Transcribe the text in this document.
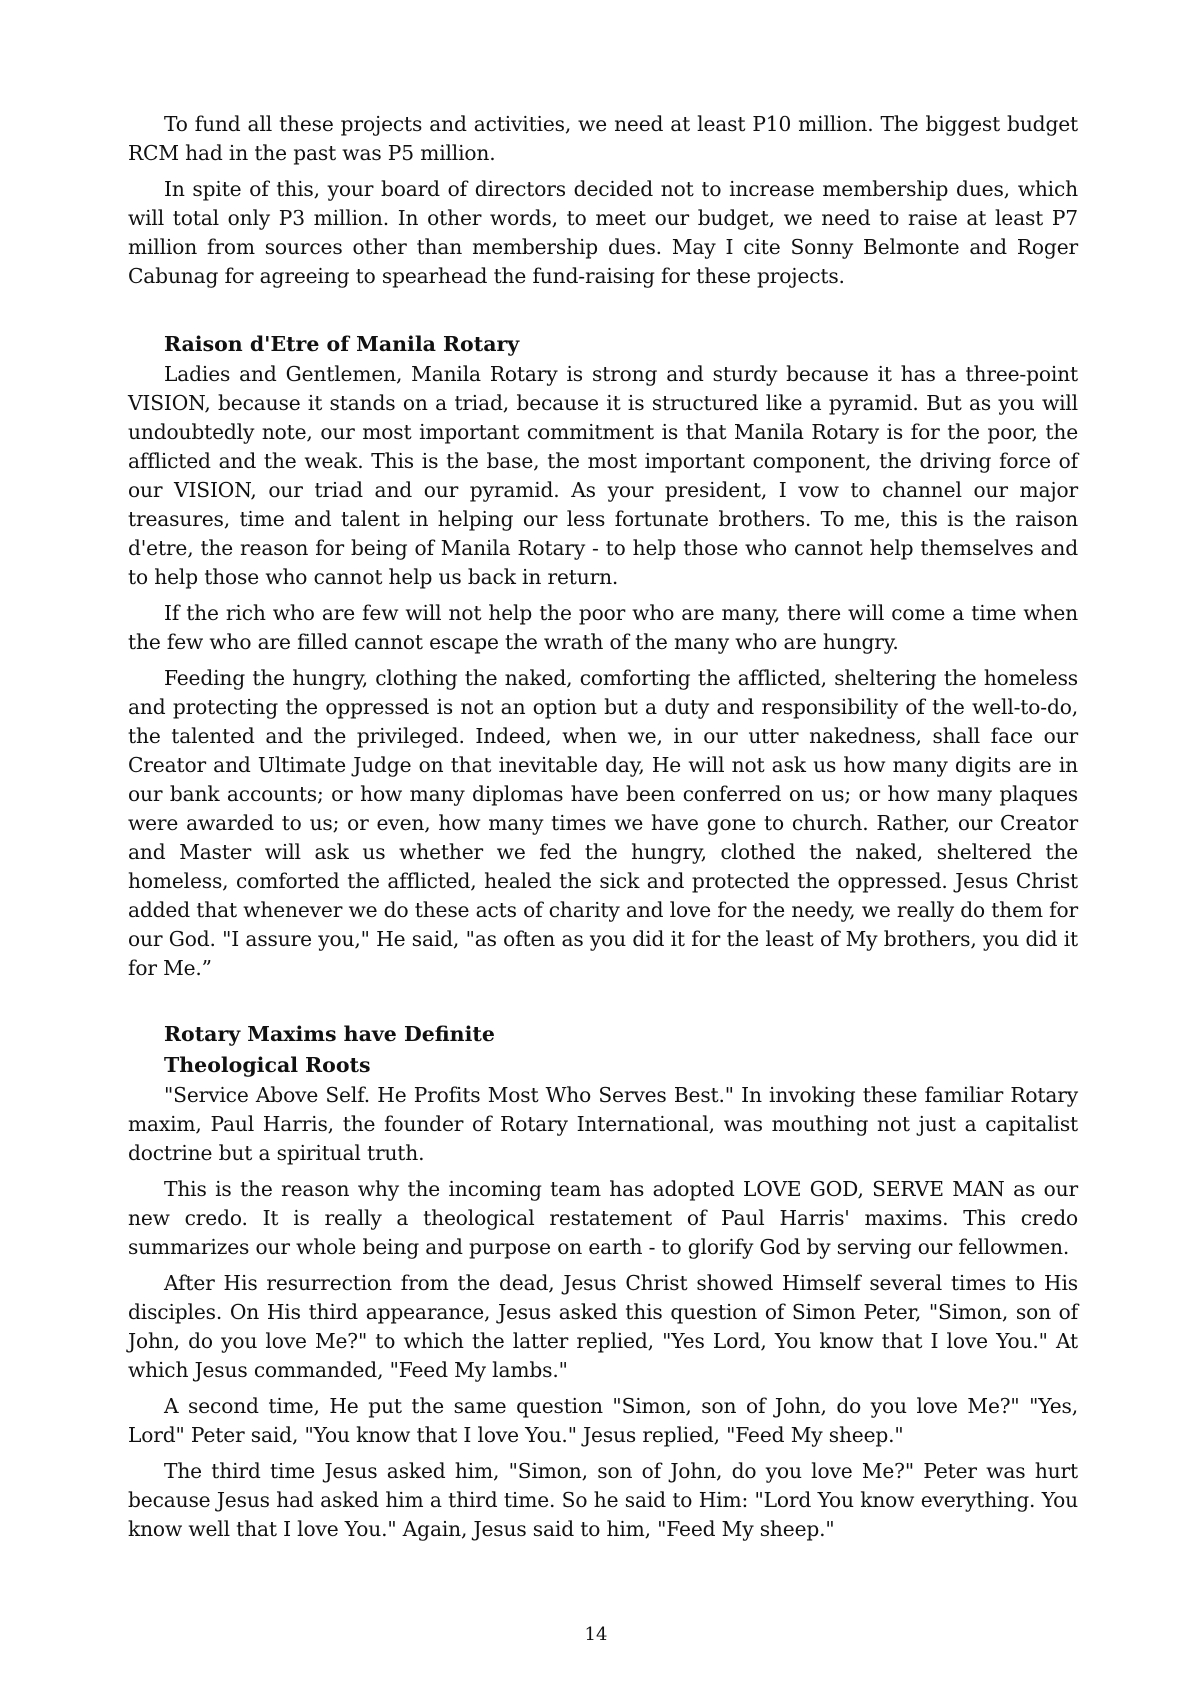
To fund all these projects and activities, we need at least P10 million. The biggest budget RCM had in the past was P5 million.

In spite of this, your board of directors decided not to increase membership dues, which will total only P3 million. In other words, to meet our budget, we need to raise at least P7 million from sources other than membership dues. May I cite Sonny Belmonte and Roger Cabunag for agreeing to spearhead the fund-raising for these projects.

Raison d'Etre of Manila Rotary

Ladies and Gentlemen, Manila Rotary is strong and sturdy because it has a three-point VISION, because it stands on a triad, because it is structured like a pyramid. But as you will undoubtedly note, our most important commitment is that Manila Rotary is for the poor, the afflicted and the weak. This is the base, the most important component, the driving force of our VISION, our triad and our pyramid. As your president, I vow to channel our major treasures, time and talent in helping our less fortunate brothers. To me, this is the raison d'etre, the reason for being of Manila Rotary - to help those who cannot help themselves and to help those who cannot help us back in return.

If the rich who are few will not help the poor who are many, there will come a time when the few who are filled cannot escape the wrath of the many who are hungry.

Feeding the hungry, clothing the naked, comforting the afflicted, sheltering the homeless and protecting the oppressed is not an option but a duty and responsibility of the well-to-do, the talented and the privileged. Indeed, when we, in our utter nakedness, shall face our Creator and Ultimate Judge on that inevitable day, He will not ask us how many digits are in our bank accounts; or how many diplomas have been conferred on us; or how many plaques were awarded to us; or even, how many times we have gone to church. Rather, our Creator and Master will ask us whether we fed the hungry, clothed the naked, sheltered the homeless, comforted the afflicted, healed the sick and protected the oppressed. Jesus Christ added that whenever we do these acts of charity and love for the needy, we really do them for our God. "I assure you," He said, "as often as you did it for the least of My brothers, you did it for Me.”

Rotary Maxims have Definite
Theological Roots

"Service Above Self. He Profits Most Who Serves Best." In invoking these familiar Rotary maxim, Paul Harris, the founder of Rotary International, was mouthing not just a capitalist doctrine but a spiritual truth.

This is the reason why the incoming team has adopted LOVE GOD, SERVE MAN as our new credo. It is really a theological restatement of Paul Harris' maxims. This credo summarizes our whole being and purpose on earth - to glorify God by serving our fellowmen.

After His resurrection from the dead, Jesus Christ showed Himself several times to His disciples. On His third appearance, Jesus asked this question of Simon Peter, "Simon, son of John, do you love Me?" to which the latter replied, "Yes Lord, You know that I love You." At which Jesus commanded, "Feed My lambs."

A second time, He put the same question "Simon, son of John, do you love Me?" "Yes, Lord" Peter said, "You know that I love You." Jesus replied, "Feed My sheep."

The third time Jesus asked him, "Simon, son of John, do you love Me?" Peter was hurt because Jesus had asked him a third time. So he said to Him: "Lord You know everything. You know well that I love You." Again, Jesus said to him, "Feed My sheep."

14
